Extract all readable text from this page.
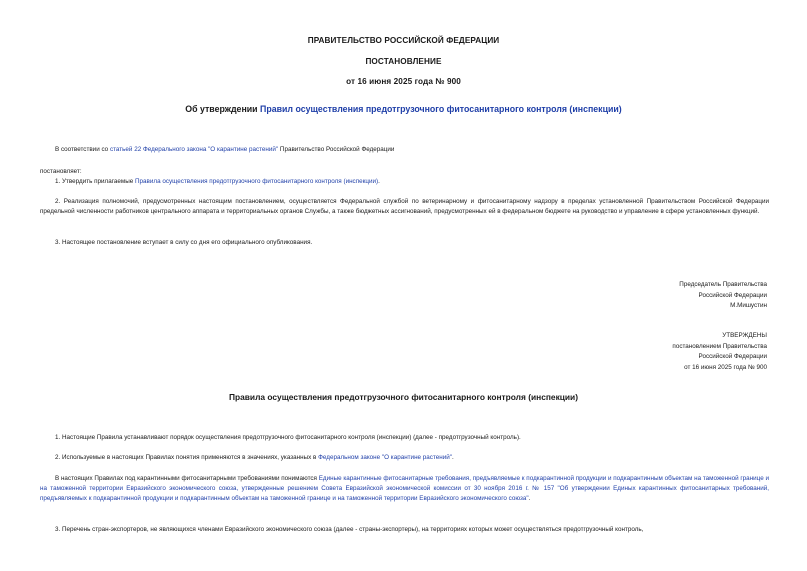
ПРАВИТЕЛЬСТВО РОССИЙСКОЙ ФЕДЕРАЦИИ
ПОСТАНОВЛЕНИЕ
от 16 июня 2025 года № 900
Об утверждении Правил осуществления предотгрузочного фитосанитарного контроля (инспекции)

В соответствии со статьей 22 Федерального закона "О карантине растений" Правительство Российской Федерации

постановляет:

1. Утвердить прилагаемые Правила осуществления предотгрузочного фитосанитарного контроля (инспекции).

2. Реализация полномочий, предусмотренных настоящим постановлением, осуществляется Федеральной службой по ветеринарному и фитосанитарному надзору в пределах установленной Правительством Российской Федерации предельной численности работников центрального аппарата и территориальных органов Службы, а также бюджетных ассигнований, предусмотренных ей в федеральном бюджете на руководство и управление в сфере установленных функций.

3. Настоящее постановление вступает в силу со дня его официального опубликования.

Председатель Правительства
Российской Федерации
М.Мишустин
УТВЕРЖДЕНЫ
постановлением Правительства
Российской Федерации
от 16 июня 2025 года № 900
Правила осуществления предотгрузочного фитосанитарного контроля (инспекции)

1. Настоящие Правила устанавливают порядок осуществления предотгрузочного фитосанитарного контроля (инспекции) (далее - предотгрузочный контроль).

2. Используемые в настоящих Правилах понятия применяются в значениях, указанных в Федеральном законе "О карантине растений".

В настоящих Правилах под карантинными фитосанитарными требованиями понимаются Единые карантинные фитосанитарные требования, предъявляемые к подкарантинной продукции и подкарантинным объектам на таможенной границе и на таможенной территории Евразийского экономического союза, утвержденные решением Совета Евразийской экономической комиссии от 30 ноября 2016 г. № 157 "Об утверждении Единых карантинных фитосанитарных требований, предъявляемых к подкарантинной продукции и подкарантинным объектам на таможенной границе и на таможенной территории Евразийского экономического союза".

3. Перечень стран-экспортеров, не являющихся членами Евразийского экономического союза (далее - страны-экспортеры), на территориях которых может осуществляться предотгрузочный контроль,
